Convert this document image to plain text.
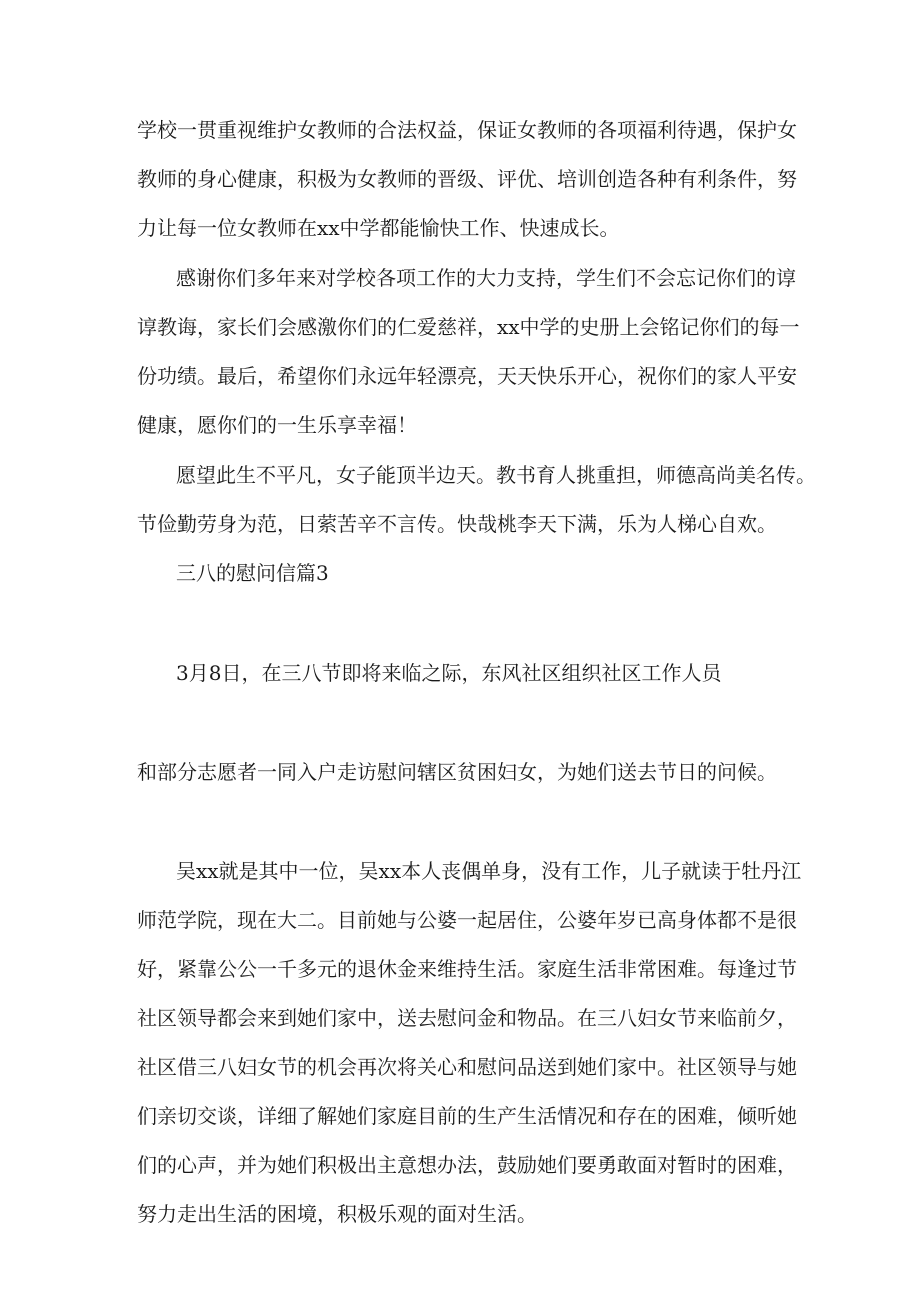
学校一贯重视维护女教师的合法权益，保证女教师的各项福利待遇，保护女
教师的身心健康，积极为女教师的晋级、评优、培训创造各种有利条件，努
力让每一位女教师在xx中学都能愉快工作、快速成长。
感谢你们多年来对学校各项工作的大力支持，学生们不会忘记你们的谆
谆教诲，家长们会感激你们的仁爱慈祥，xx中学的史册上会铭记你们的每一
份功绩。最后，希望你们永远年轻漂亮，天天快乐开心，祝你们的家人平安
健康，愿你们的一生乐享幸福！
愿望此生不平凡，女子能顶半边天。教书育人挑重担，师德高尚美名传。
节俭勤劳身为范，日萦苦辛不言传。快哉桃李天下满，乐为人梯心自欢。
三八的慰问信篇3
3月8日，在三八节即将来临之际，东风社区组织社区工作人员
和部分志愿者一同入户走访慰问辖区贫困妇女，为她们送去节日的问候。
吴xx就是其中一位，吴xx本人丧偶单身，没有工作，儿子就读于牡丹江
师范学院，现在大二。目前她与公婆一起居住，公婆年岁已高身体都不是很
好，紧靠公公一千多元的退休金来维持生活。家庭生活非常困难。每逢过节
社区领导都会来到她们家中，送去慰问金和物品。在三八妇女节来临前夕，
社区借三八妇女节的机会再次将关心和慰问品送到她们家中。社区领导与她
们亲切交谈，详细了解她们家庭目前的生产生活情况和存在的困难，倾听她
们的心声，并为她们积极出主意想办法，鼓励她们要勇敢面对暂时的困难，
努力走出生活的困境，积极乐观的面对生活。
